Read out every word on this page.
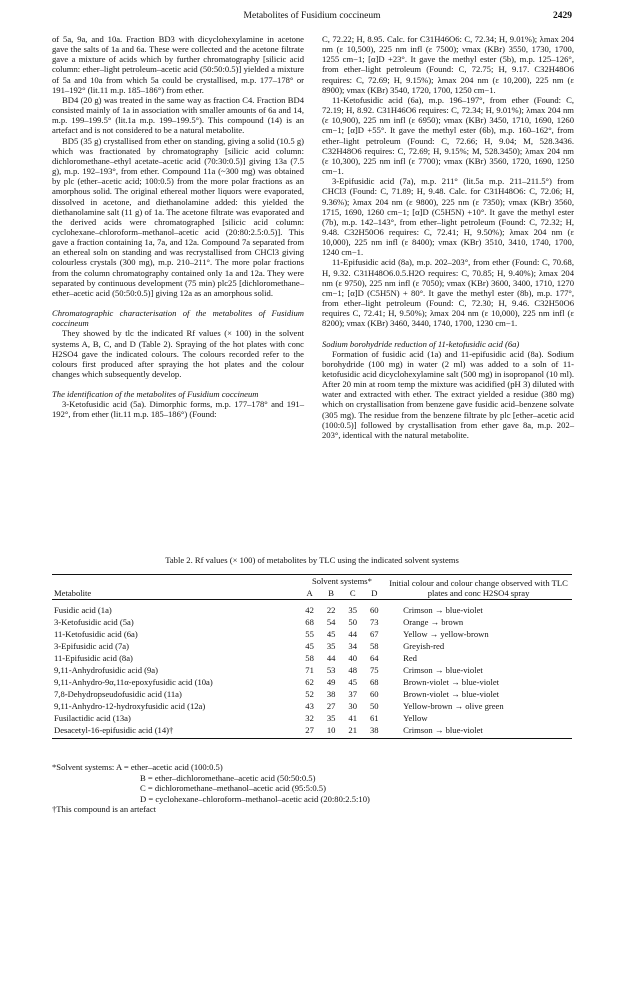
Metabolites of Fusidium coccineum	2429

of 5a, 9a, and 10a. Fraction BD3 with dicyclohexylamine in acetone gave the salts of 1a and 6a. These were collected and the acetone filtrate gave a mixture of acids which by further chromatography [silicic acid column: ether–light petroleum–acetic acid (50:50:0.5)] yielded a mixture of 5a and 10a from which 5a could be crystallised, m.p. 177–178° or 191–192° (lit.11 m.p. 185–186°) from ether.

BD4 (20 g) was treated in the same way as fraction C4. Fraction BD4 consisted mainly of 1a in association with smaller amounts of 6a and 14, m.p. 199–199.5° (lit.1a m.p. 199–199.5°). This compound (14) is an artefact and is not considered to be a natural metabolite.

BD5 (35 g) crystallised from ether on standing, giving a solid (10.5 g) which was fractionated by chromatography [silicic acid column: dichloromethane–ethyl acetate–acetic acid (70:30:0.5)] giving 13a (7.5 g), m.p. 192–193°, from ether. Compound 11a (~300 mg) was obtained by plc (ether–acetic acid; 100:0.5) from the more polar fractions as an amorphous solid. The original ethereal mother liquors were evaporated, dissolved in acetone, and diethanolamine added: this yielded the diethanolamine salt (11 g) of 1a. The acetone filtrate was evaporated and the derived acids were chromatographed [silicic acid column: cyclohexane–chloroform–methanol–acetic acid (20:80:2.5:0.5)]. This gave a fraction containing 1a, 7a, and 12a. Compound 7a separated from an ethereal soln on standing and was recrystallised from CHCl3 giving colourless crystals (300 mg), m.p. 210–211°. The more polar fractions from the column chromatography contained only 1a and 12a. They were separated by continuous development (75 min) plc25 [dichloromethane–ether–acetic acid (50:50:0.5)] giving 12a as an amorphous solid.

Chromatographic characterisation of the metabolites of Fusidium coccineum

They showed by tlc the indicated Rf values (× 100) in the solvent systems A, B, C, and D (Table 2). Spraying of the hot plates with conc H2SO4 gave the indicated colours. The colours recorded refer to the colours first produced after spraying the hot plates and the colour changes which subsequently develop.

The identification of the metabolites of Fusidium coccineum

3-Ketofusidic acid (5a). Dimorphic forms, m.p. 177–178° and 191–192°, from ether (lit.11 m.p. 185–186°) (Found:

C, 72.22; H, 8.95. Calc. for C31H46O6: C, 72.34; H, 9.01%); λmax 204 nm (ε 10,500), 225 nm infl (ε 7500); νmax (KBr) 3550, 1730, 1700, 1255 cm−1; [α]D +23°. It gave the methyl ester (5b), m.p. 125–126°, from ether–light petroleum (Found: C, 72.75; H, 9.17. C32H48O6 requires: C, 72.69; H, 9.15%); λmax 204 nm (ε 10,200), 225 nm (ε 8900); νmax (KBr) 3540, 1720, 1700, 1250 cm−1.

11-Ketofusidic acid (6a), m.p. 196–197°, from ether (Found: C, 72.19; H, 8.92. C31H46O6 requires: C, 72.34; H, 9.01%); λmax 204 nm (ε 10,900), 225 nm infl (ε 6950); νmax (KBr) 3450, 1710, 1690, 1260 cm−1; [α]D +55°. It gave the methyl ester (6b), m.p. 160–162°, from ether–light petroleum (Found: C, 72.66; H, 9.04; M, 528.3436. C32H48O6 requires: C, 72.69; H, 9.15%; M, 528.3450); λmax 204 nm (ε 10,300), 225 nm infl (ε 7700); νmax (KBr) 3560, 1720, 1690, 1250 cm−1.

3-Epifusidic acid (7a), m.p. 211° (lit.5a m.p. 211–211.5°) from CHCl3 (Found: C, 71.89; H, 9.48. Calc. for C31H48O6: C, 72.06; H, 9.36%); λmax 204 nm (ε 9800), 225 nm (ε 7350); νmax (KBr) 3560, 1715, 1690, 1260 cm−1; [α]D (C5H5N) +10°. It gave the methyl ester (7b), m.p. 142–143°, from ether–light petroleum (Found: C, 72.32; H, 9.48. C32H50O6 requires: C, 72.41; H, 9.50%); λmax 204 nm (ε 10,000), 225 nm infl (ε 8400); νmax (KBr) 3510, 3410, 1740, 1700, 1240 cm−1.

11-Epifusidic acid (8a), m.p. 202–203°, from ether (Found: C, 70.68, H, 9.32. C31H48O6.0.5.H2O requires: C, 70.85; H, 9.40%); λmax 204 nm (ε 9750), 225 nm infl (ε 7050); νmax (KBr) 3600, 3400, 1710, 1270 cm−1; [α]D (C5H5N) + 80°. It gave the methyl ester (8b), m.p. 177°, from ether–light petroleum (Found: C, 72.30; H, 9.46. C32H50O6 requires C, 72.41; H, 9.50%); λmax 204 nm (ε 10,000), 225 nm infl (ε 8200); νmax (KBr) 3460, 3440, 1740, 1700, 1230 cm−1.

Sodium borohydride reduction of 11-ketofusidic acid (6a)

Formation of fusidic acid (1a) and 11-epifusidic acid (8a). Sodium borohydride (100 mg) in water (2 ml) was added to a soln of 11-ketofusidic acid dicyclohexylamine salt (500 mg) in isopropanol (10 ml). After 20 min at room temp the mixture was acidified (pH 3) diluted with water and extracted with ether. The extract yielded a residue (380 mg) which on crystallisation from benzene gave fusidic acid–benzene solvate (305 mg). The residue from the benzene filtrate by plc [ether–acetic acid (100:0.5)] followed by crystallisation from ether gave 8a, m.p. 202–203°, identical with the natural metabolite.

Table 2. Rf values (× 100) of metabolites by TLC using the indicated solvent systems
Metabolite	Solvent systems*				Initial colour and colour change observed with TLC plates and conc H2SO4 spray
	A	B	C	D	
Fusidic acid (1a)	42	22	35	60	Crimson → blue-violet
3-Ketofusidic acid (5a)	68	54	50	73	Orange → brown
11-Ketofusidic acid (6a)	55	45	44	67	Yellow → yellow-brown
3-Epifusidic acid (7a)	45	35	34	58	Greyish-red
11-Epifusidic acid (8a)	58	44	40	64	Red
9,11-Anhydrofusidic acid (9a)	71	53	48	75	Crimson → blue-violet
9,11-Anhydro-9α,11α-epoxyfusidic acid (10a)	62	49	45	68	Brown-violet → blue-violet
7,8-Dehydropseudofusidic acid (11a)	52	38	37	60	Brown-violet → blue-violet
9,11-Anhydro-12-hydroxyfusidic acid (12a)	43	27	30	50	Yellow-brown → olive green
Fusilactidic acid (13a)	32	35	41	61	Yellow
Desacetyl-16-epifusidic acid (14)†	27	10	21	38	Crimson → blue-violet
*Solvent systems: A = ether–acetic acid (100:0.5)
B = ether–dichloromethane–acetic acid (50:50:0.5)
C = dichloromethane–methanol–acetic acid (95:5:0.5)
D = cyclohexane–chloroform–methanol–acetic acid (20:80:2.5:10)
†This compound is an artefact
